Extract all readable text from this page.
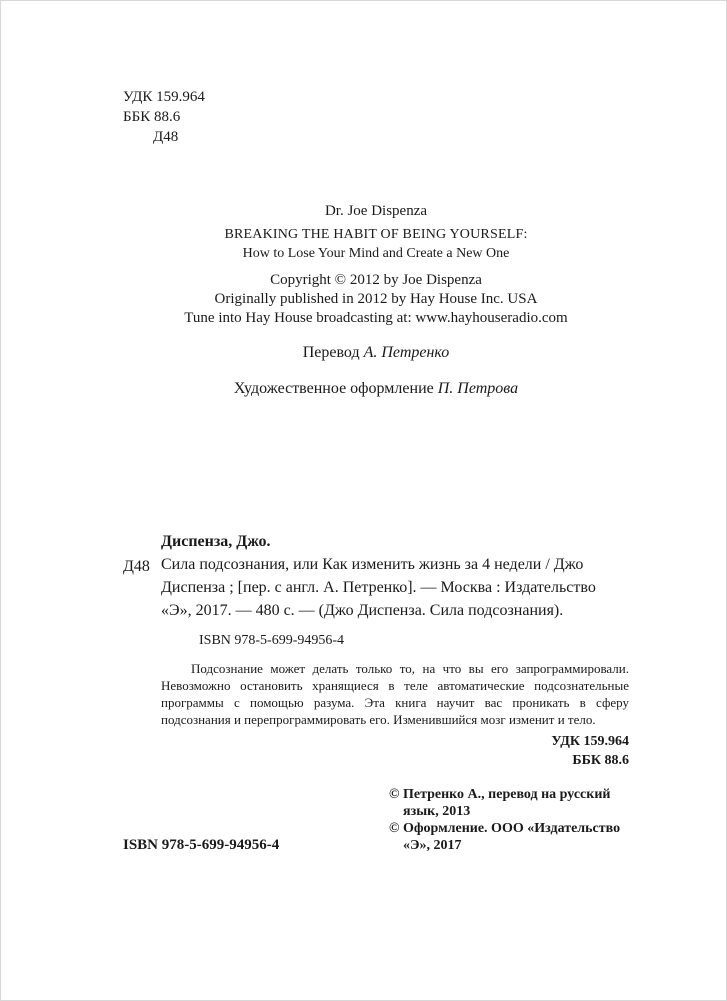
УДК 159.964
ББК 88.6
Д48
Dr. Joe Dispenza
BREAKING THE HABIT OF BEING YOURSELF:
How to Lose Your Mind and Create a New One
Copyright © 2012 by Joe Dispenza
Originally published in 2012 by Hay House Inc. USA
Tune into Hay House broadcasting at: www.hayhouseradio.com
Перевод А. Петренко
Художественное оформление П. Петрова
Д48
Диспенза, Джо.
Сила подсознания, или Как изменить жизнь за 4 недели / Джо Диспенза ; [пер. с англ. А. Петренко]. — Москва : Издательство «Э», 2017. — 480 с. — (Джо Диспенза. Сила подсознания).
ISBN 978-5-699-94956-4
Подсознание может делать только то, на что вы его запрограммировали. Невозможно остановить хранящиеся в теле автоматические подсознательные программы с помощью разума. Эта книга научит вас проникать в сферу подсознания и перепрограммировать его. Изменившийся мозг изменит и тело.
УДК 159.964
ББК 88.6
ISBN 978-5-699-94956-4
© Петренко А., перевод на русский язык, 2013
© Оформление. ООО «Издательство «Э», 2017
